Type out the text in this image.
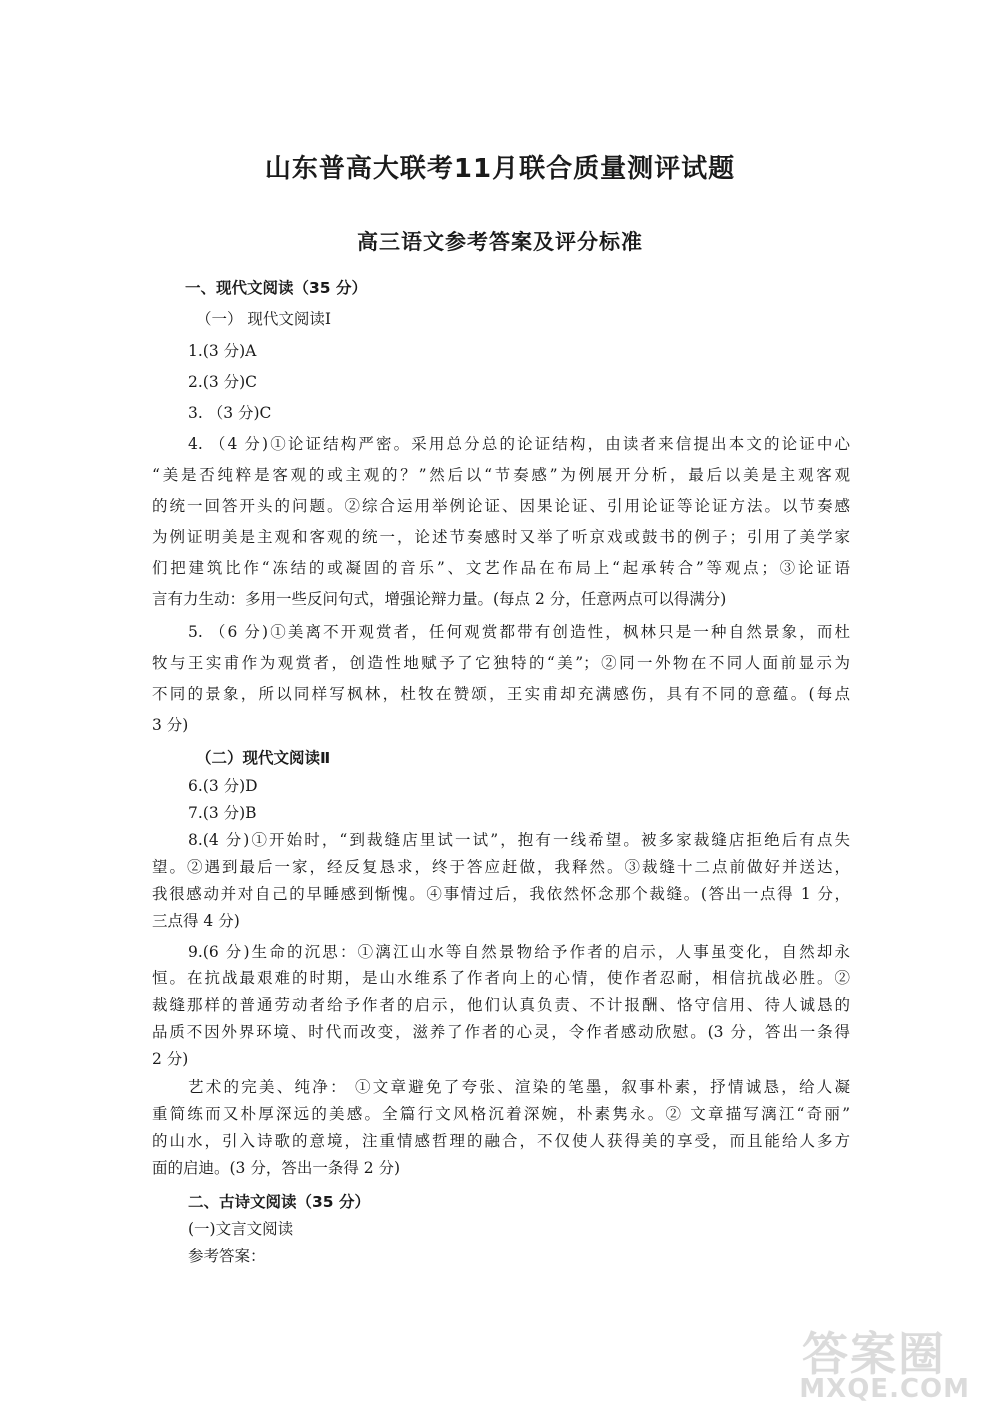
山东普高大联考11月联合质量测评试题
高三语文参考答案及评分标准
一、现代文阅读（35 分）
（一） 现代文阅读Ⅰ
1.(3 分)A
2.(3 分)C
3. （3 分)C
4. （4 分)①论证结构严密。采用总分总的论证结构，由读者来信提出本文的论证中心
“美是否纯粹是客观的或主观的？”然后以“节奏感”为例展开分析，最后以美是主观客观
的统一回答开头的问题。②综合运用举例论证、因果论证、引用论证等论证方法。以节奏感
为例证明美是主观和客观的统一，论述节奏感时又举了听京戏或鼓书的例子；引用了美学家
们把建筑比作“冻结的或凝固的音乐”、文艺作品在布局上“起承转合”等观点；③论证语
言有力生动：多用一些反问句式，增强论辩力量。(每点 2 分，任意两点可以得满分)
5. （6 分)①美离不开观赏者，任何观赏都带有创造性，枫林只是一种自然景象，而杜
牧与王实甫作为观赏者，创造性地赋予了它独特的“美”；②同一外物在不同人面前显示为
不同的景象，所以同样写枫林，杜牧在赞颂，王实甫却充满感伤，具有不同的意蕴。(每点
3 分)
（二）现代文阅读Ⅱ
6.(3 分)D
7.(3 分)B
8.(4 分)①开始时，“到裁缝店里试一试”，抱有一线希望。被多家裁缝店拒绝后有点失
望。②遇到最后一家，经反复恳求，终于答应赶做，我释然。③裁缝十二点前做好并送达，
我很感动并对自己的早睡感到惭愧。④事情过后，我依然怀念那个裁缝。(答出一点得 1 分，
三点得 4 分)
9.(6 分)生命的沉思：①漓江山水等自然景物给予作者的启示，人事虽变化，自然却永
恒。在抗战最艰难的时期，是山水维系了作者向上的心情，使作者忍耐，相信抗战必胜。②
裁缝那样的普通劳动者给予作者的启示，他们认真负责、不计报酬、恪守信用、待人诚恳的
品质不因外界环境、时代而改变，滋养了作者的心灵，令作者感动欣慰。(3 分，答出一条得
2 分)
艺术的完美、纯净： ①文章避免了夸张、渲染的笔墨，叙事朴素，抒情诚恳，给人凝
重简练而又朴厚深远的美感。全篇行文风格沉着深婉，朴素隽永。② 文章描写漓江“奇丽”
的山水，引入诗歌的意境，注重情感哲理的融合，不仅使人获得美的享受，而且能给人多方
面的启迪。(3 分，答出一条得 2 分)
二、古诗文阅读（35 分）
(一)文言文阅读
参考答案：
答案圈
MXQE.COM
